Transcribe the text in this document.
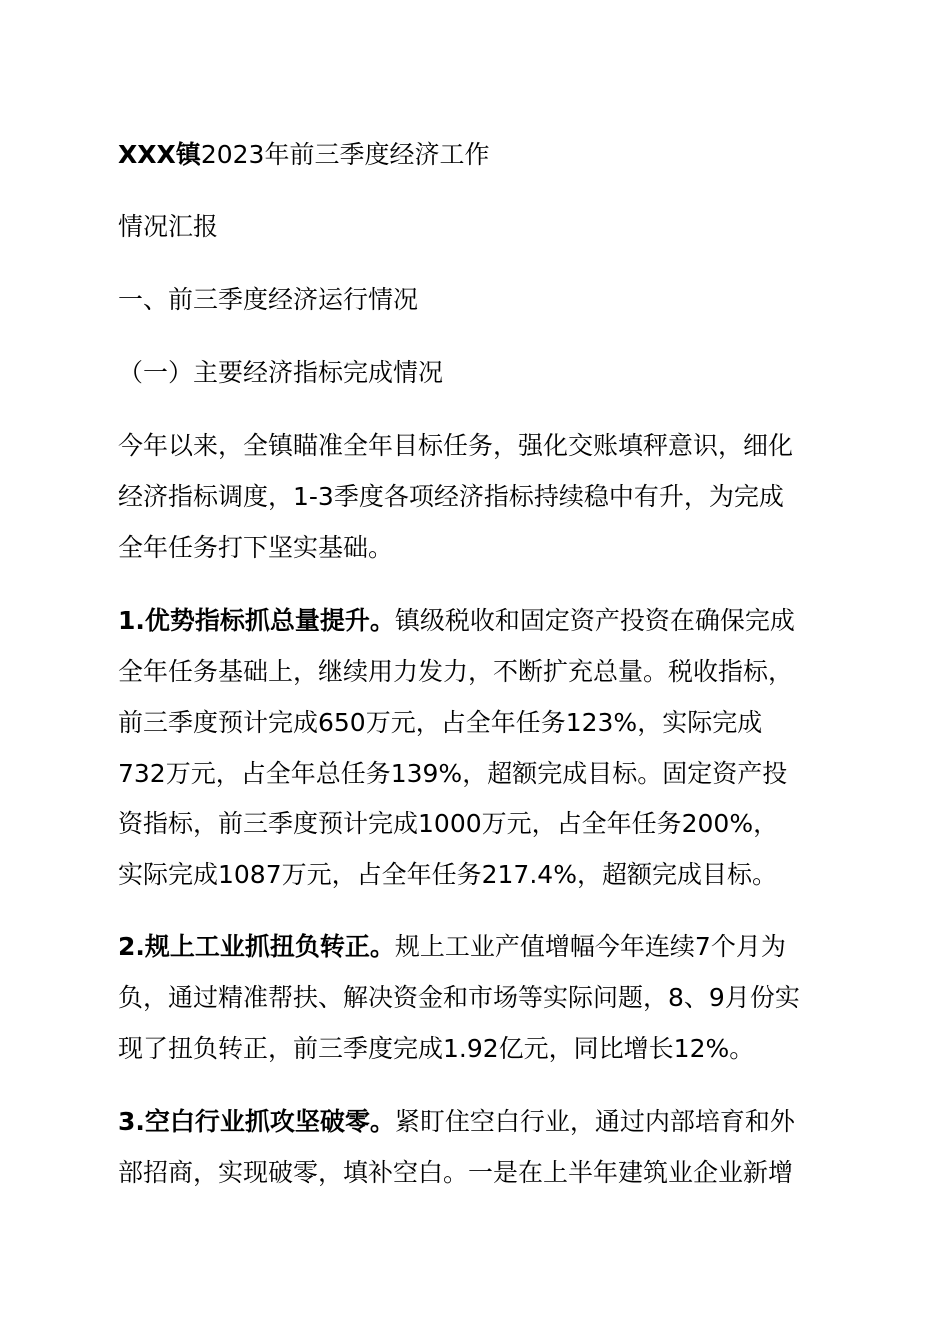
XXX镇2023年前三季度经济工作
情况汇报
一、前三季度经济运行情况
（一）主要经济指标完成情况
今年以来，全镇瞄准全年目标任务，强化交账填秤意识，细化
经济指标调度，1-3季度各项经济指标持续稳中有升，为完成
全年任务打下坚实基础。
1.优势指标抓总量提升。镇级税收和固定资产投资在确保完成
全年任务基础上，继续用力发力，不断扩充总量。税收指标，
前三季度预计完成650万元，占全年任务123%，实际完成
732万元，占全年总任务139%，超额完成目标。固定资产投
资指标，前三季度预计完成1000万元，占全年任务200%，
实际完成1087万元，占全年任务217.4%，超额完成目标。
2.规上工业抓扭负转正。规上工业产值增幅今年连续7个月为
负，通过精准帮扶、解决资金和市场等实际问题，8、9月份实
现了扭负转正，前三季度完成1.92亿元，同比增长12%。
3.空白行业抓攻坚破零。紧盯住空白行业，通过内部培育和外
部招商，实现破零，填补空白。一是在上半年建筑业企业新增
